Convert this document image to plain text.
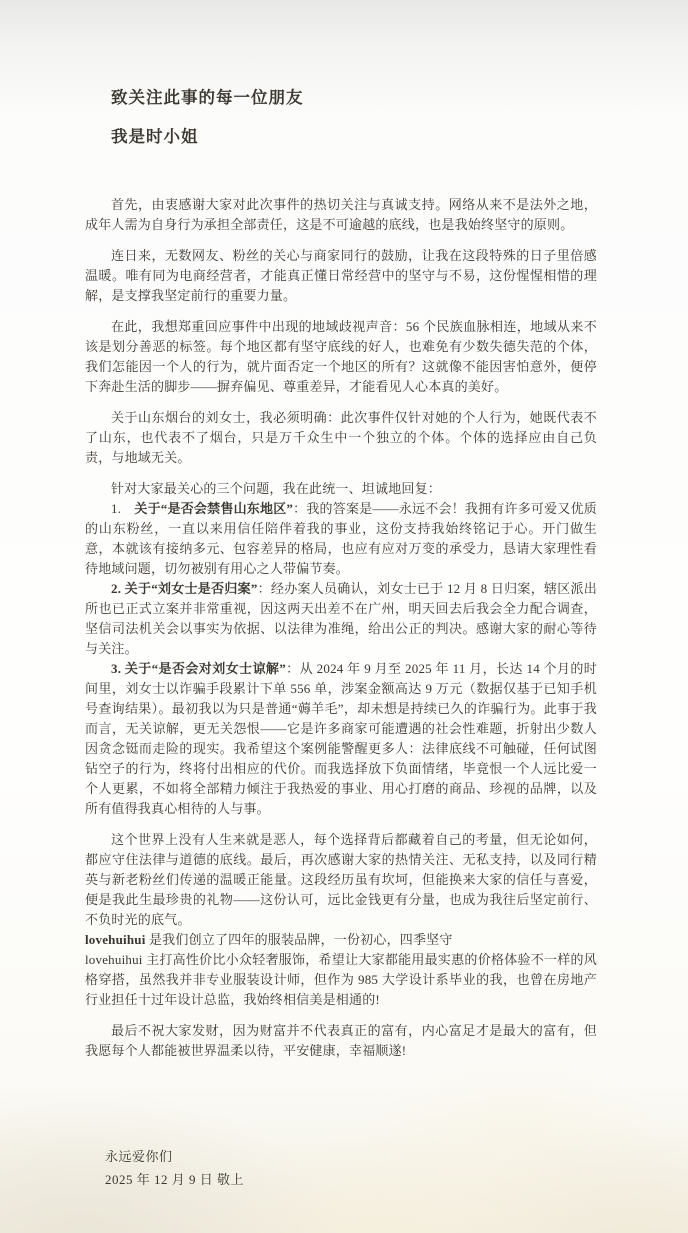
致关注此事的每一位朋友
我是时小姐

首先，由衷感谢大家对此次事件的热切关注与真诚支持。网络从来不是法外之地，成年人需为自身行为承担全部责任，这是不可逾越的底线，也是我始终坚守的原则。

连日来，无数网友、粉丝的关心与商家同行的鼓励，让我在这段特殊的日子里倍感温暖。唯有同为电商经营者，才能真正懂日常经营中的坚守与不易，这份惺惺相惜的理解，是支撑我坚定前行的重要力量。

在此，我想郑重回应事件中出现的地域歧视声音：56 个民族血脉相连，地域从来不该是划分善恶的标签。每个地区都有坚守底线的好人，也难免有少数失德失范的个体，我们怎能因一个人的行为，就片面否定一个地区的所有？这就像不能因害怕意外，便停下奔赴生活的脚步——摒弃偏见、尊重差异，才能看见人心本真的美好。

关于山东烟台的刘女士，我必须明确：此次事件仅针对她的个人行为，她既代表不了山东，也代表不了烟台，只是万千众生中一个独立的个体。个体的选择应由自己负责，与地域无关。

针对大家最关心的三个问题，我在此统一、坦诚地回复：

1.　关于“是否会禁售山东地区”：我的答案是——永远不会！我拥有许多可爱又优质的山东粉丝，一直以来用信任陪伴着我的事业，这份支持我始终铭记于心。开门做生意，本就该有接纳多元、包容差异的格局，也应有应对万变的承受力，恳请大家理性看待地域问题，切勿被别有用心之人带偏节奏。

2. 关于“刘女士是否归案”：经办案人员确认，刘女士已于 12 月 8 日归案，辖区派出所也已正式立案并非常重视，因这两天出差不在广州，明天回去后我会全力配合调查，坚信司法机关会以事实为依据、以法律为准绳，给出公正的判决。感谢大家的耐心等待与关注。

3. 关于“是否会对刘女士谅解”：从 2024 年 9 月至 2025 年 11 月，长达 14 个月的时间里，刘女士以诈骗手段累计下单 556 单，涉案金额高达 9 万元（数据仅基于已知手机号查询结果）。最初我以为只是普通“薅羊毛”，却未想是持续已久的诈骗行为。此事于我而言，无关谅解，更无关怨恨——它是许多商家可能遭遇的社会性难题，折射出少数人因贪念铤而走险的现实。我希望这个案例能警醒更多人：法律底线不可触碰，任何试图钻空子的行为，终将付出相应的代价。而我选择放下负面情绪，毕竟恨一个人远比爱一个人更累，不如将全部精力倾注于我热爱的事业、用心打磨的商品、珍视的品牌，以及所有值得我真心相待的人与事。

这个世界上没有人生来就是恶人，每个选择背后都藏着自己的考量，但无论如何，都应守住法律与道德的底线。最后，再次感谢大家的热情关注、无私支持，以及同行精英与新老粉丝们传递的温暖正能量。这段经历虽有坎坷，但能换来大家的信任与喜爱，便是我此生最珍贵的礼物——这份认可，远比金钱更有分量，也成为我往后坚定前行、不负时光的底气。

lovehuihui 是我们创立了四年的服装品牌，一份初心，四季坚守

lovehuihui 主打高性价比小众轻奢服饰，希望让大家都能用最实惠的价格体验不一样的风格穿搭，虽然我并非专业服装设计师，但作为 985 大学设计系毕业的我，也曾在房地产行业担任十过年设计总监，我始终相信美是相通的!

最后不祝大家发财，因为财富并不代表真正的富有，内心富足才是最大的富有，但我愿每个人都能被世界温柔以待，平安健康，幸福顺遂!

永远爱你们

2025 年 12 月 9 日 敬上
